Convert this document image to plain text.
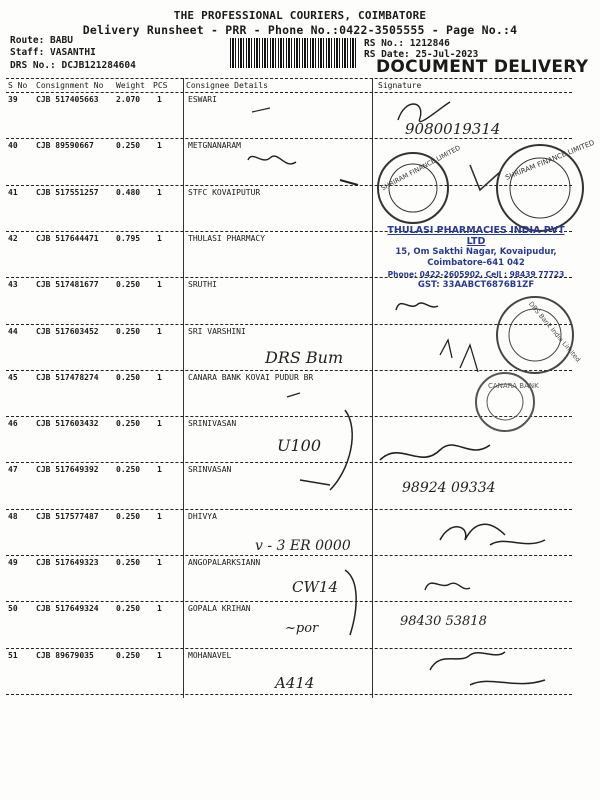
THE PROFESSIONAL COURIERS, COIMBATORE
Delivery Runsheet - PRR - Phone No.:0422-3505555 - Page No.:4
Route: BABU
Staff: VASANTHI
DRS No.: DCJB121284604
RS No.: 1212846
RS Date: 25-Jul-2023
DOCUMENT DELIVERY
S No Consignment No Weight PCS Consignee Details	Signature
39 CJB 517405663 2.070 1	ESWARI
40 CJB 89590667	0.250 1	METGNANARAM
41 CJB 517551257 0.480 1	STFC KOVAIPUTUR
42 CJB 517644471 0.795 1	THULASI PHARMACY
43 CJB 517481677 0.250 1	SRUTHI
44 CJB 517603452 0.250 1	SRI VARSHINI
45 CJB 517478274 0.250 1	CANARA BANK KOVAI PUDUR BR
46 CJB 517603432 0.250 1	SRINIVASAN
47 CJB 517649392 0.250 1	SRINVASAN
48 CJB 517577487 0.250 1	DHIVYA
49 CJB 517649323 0.250 1	ANGOPALARKSIANN
50 CJB 517649324 0.250 1	GOPALA KRIHAN
51 CJB 89679035	0.250 1	MOHANAVEL
9080019314
SHRIRAM FINANCE LIMITED	SHRIRAM FINANCE LIMITED
DBS Bank India Limited
DRS Bum
CANARA BANK
U100
98924 09334
v - 3 ER 0000
CW14
98430 53818
~por
A414
THULASI PHARMACIES INDIA PVT LTD
15, Om Sakthi Nagar, Kovaipudur,
Coimbatore-641 042
Phone: 0422-2605902, Cell : 98439 77723
GST: 33AABCT6876B1ZF
